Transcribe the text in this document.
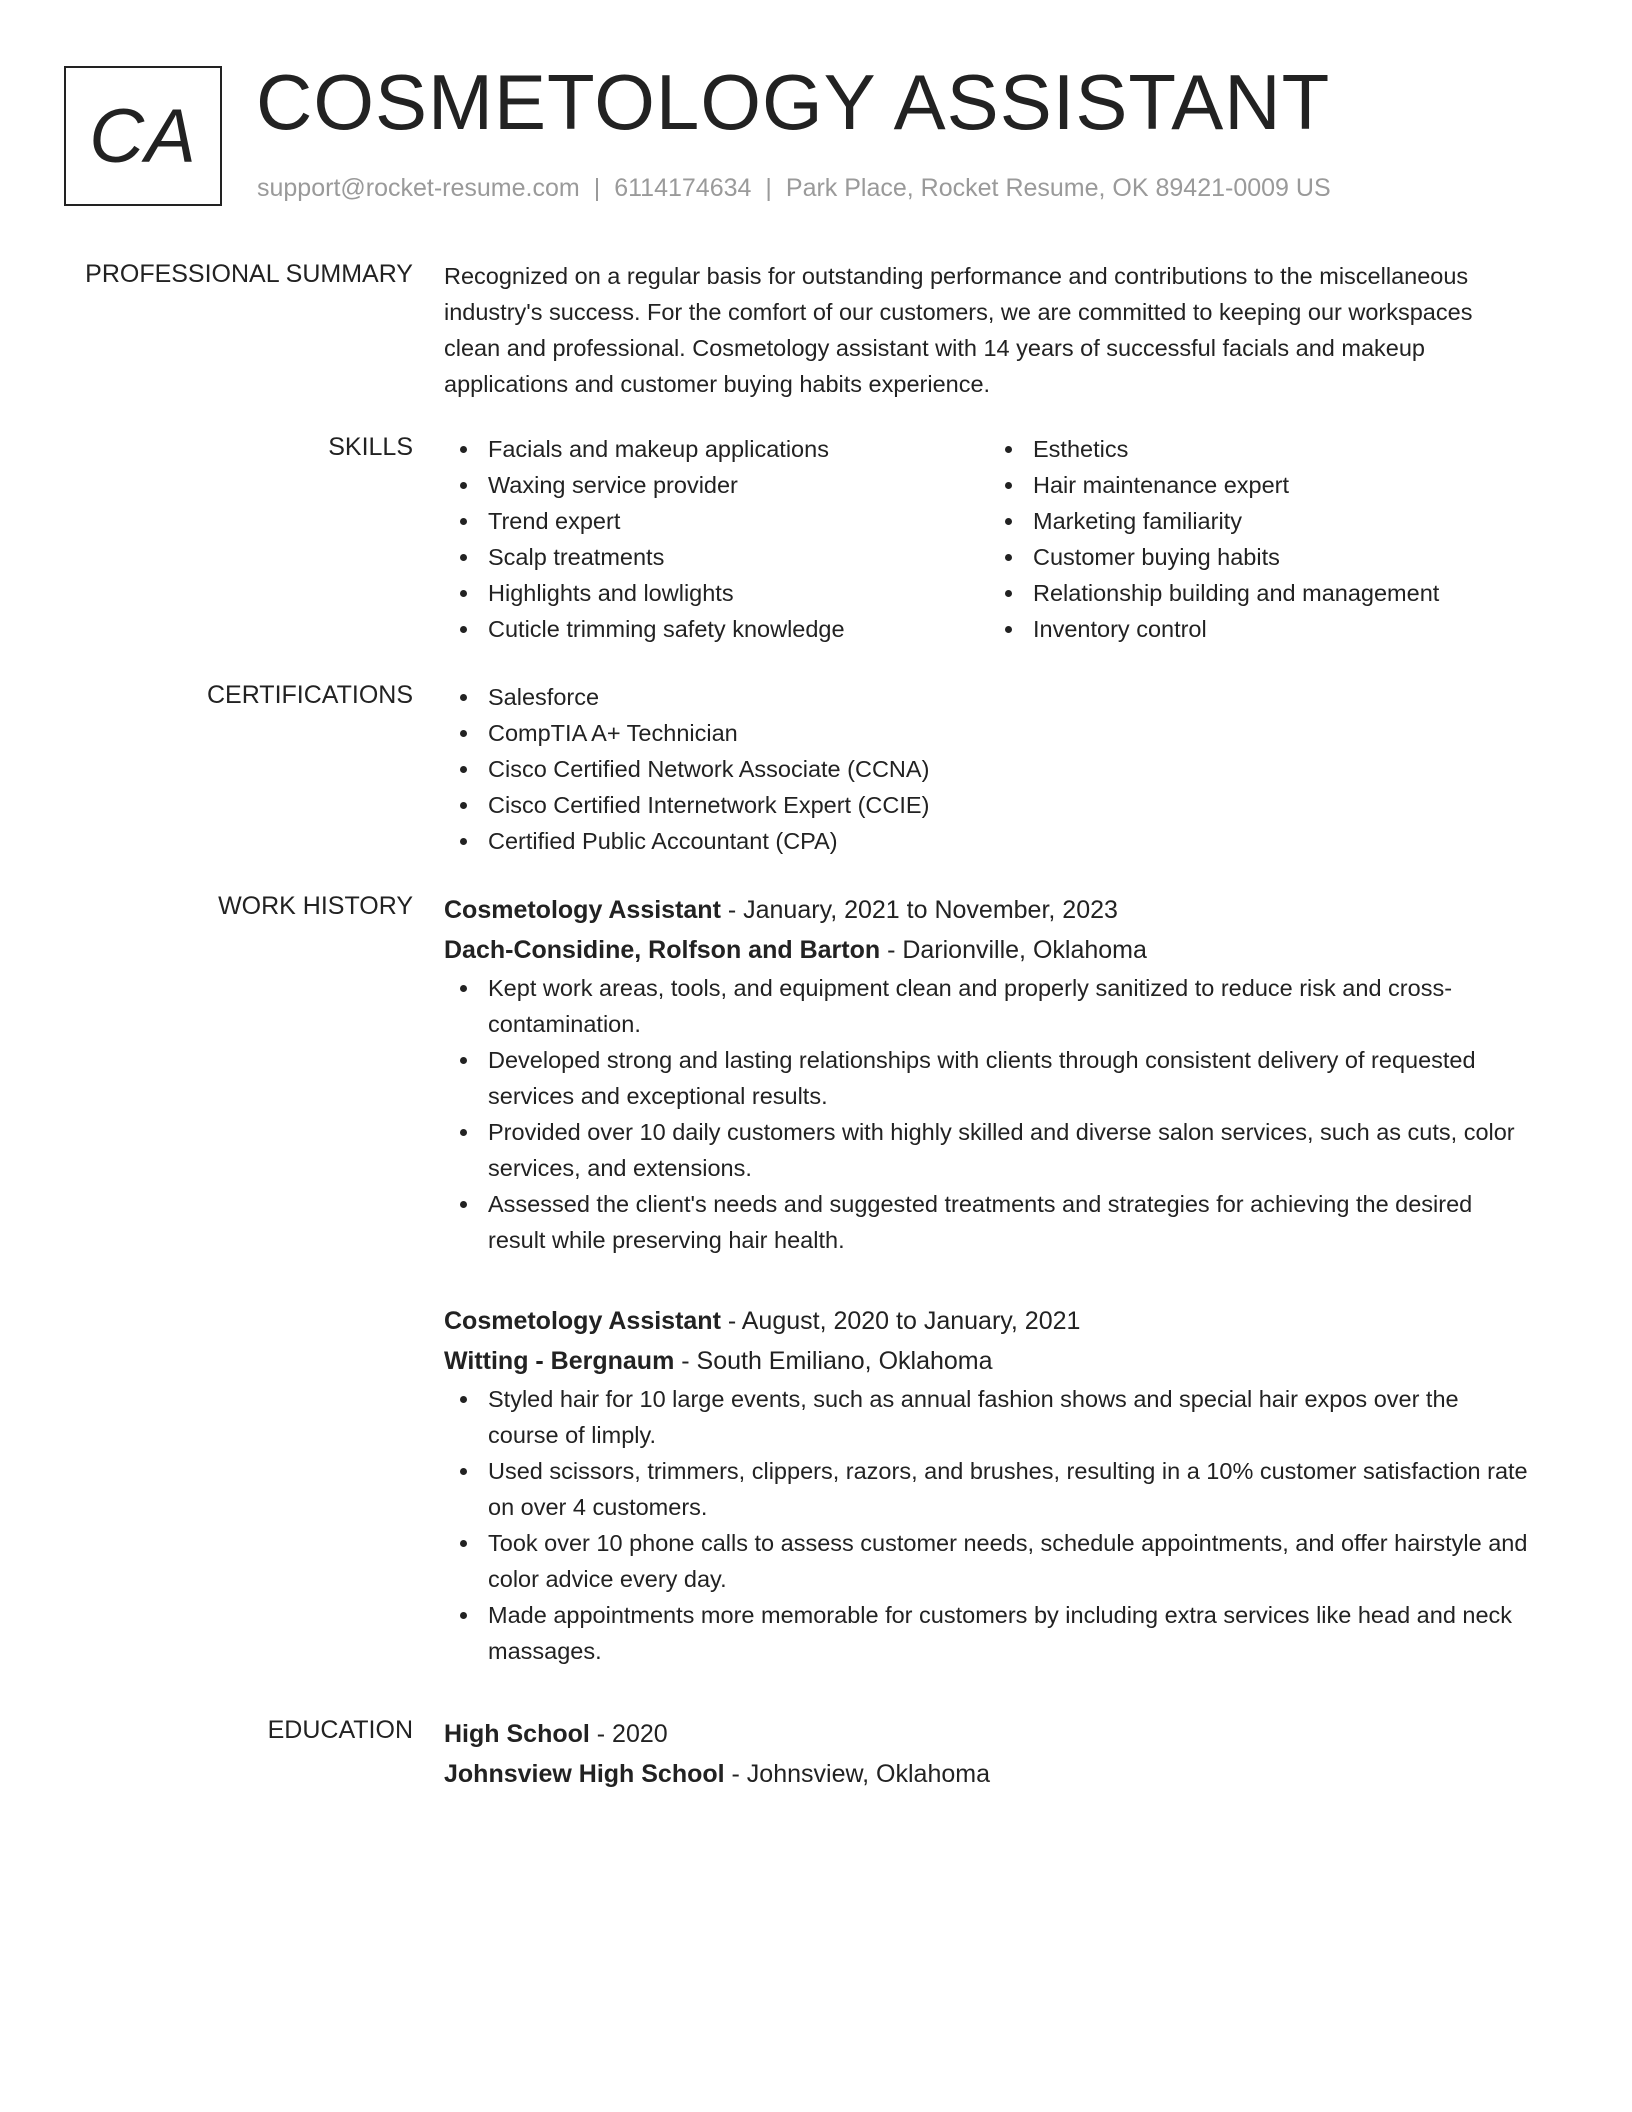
CA COSMETOLOGY ASSISTANT
support@rocket-resume.com | 6114174634 | Park Place, Rocket Resume, OK 89421-0009 US
PROFESSIONAL SUMMARY Recognized on a regular basis for outstanding performance and contributions to the miscellaneous industry's success. For the comfort of our customers, we are committed to keeping our workspaces clean and professional. Cosmetology assistant with 14 years of successful facials and makeup applications and customer buying habits experience.

SKILLS	Facials and makeup applications
Waxing service provider
Trend expert
Scalp treatments
Highlights and lowlights
Cuticle trimming safety knowledge
Esthetics
Hair maintenance expert
Marketing familiarity
Customer buying habits
Relationship building and management
Inventory control
CERTIFICATIONS	Salesforce
CompTIA A+ Technician
Cisco Certified Network Associate (CCNA)
Cisco Certified Internetwork Expert (CCIE)
Certified Public Accountant (CPA)
WORK HISTORY Cosmetology Assistant - January, 2021 to November, 2023
Dach-Considine, Rolfson and Barton - Darionville, Oklahoma
Kept work areas, tools, and equipment clean and properly sanitized to reduce risk and cross-contamination.
Developed strong and lasting relationships with clients through consistent delivery of requested services and exceptional results.
Provided over 10 daily customers with highly skilled and diverse salon services, such as cuts, color services, and extensions.
Assessed the client's needs and suggested treatments and strategies for achieving the desired result while preserving hair health.
Cosmetology Assistant - August, 2020 to January, 2021
Witting - Bergnaum - South Emiliano, Oklahoma
Styled hair for 10 large events, such as annual fashion shows and special hair expos over the course of limply.
Used scissors, trimmers, clippers, razors, and brushes, resulting in a 10% customer satisfaction rate on over 4 customers.
Took over 10 phone calls to assess customer needs, schedule appointments, and offer hairstyle and color advice every day.
Made appointments more memorable for customers by including extra services like head and neck massages.
EDUCATION High School - 2020
Johnsview High School - Johnsview, Oklahoma
